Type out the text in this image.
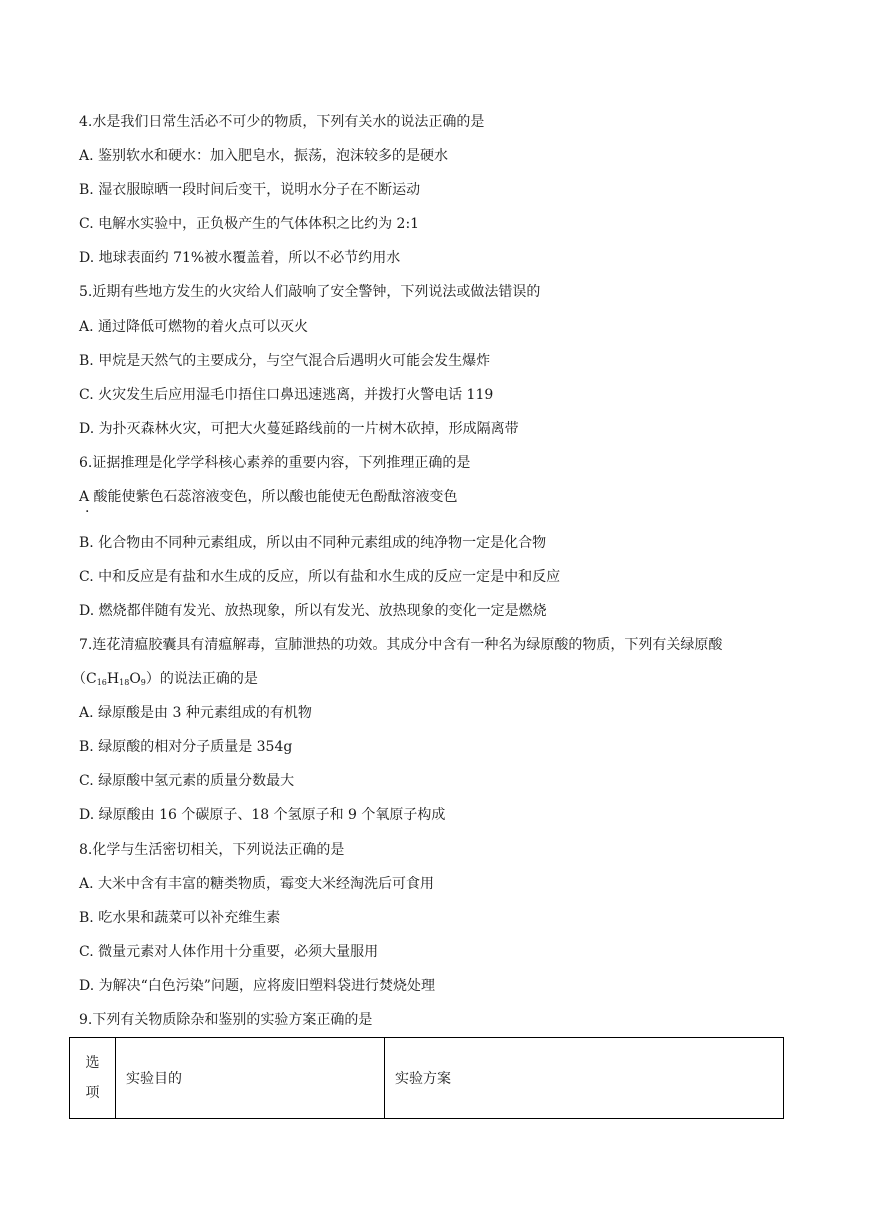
4.水是我们日常生活必不可少的物质，下列有关水的说法正确的是
A. 鉴别软水和硬水：加入肥皂水，振荡，泡沫较多的是硬水
B. 湿衣服晾晒一段时间后变干，说明水分子在不断运动
C. 电解水实验中，正负极产生的气体体积之比约为 2:1
D. 地球表面约 71%被水覆盖着，所以不必节约用水
5.近期有些地方发生的火灾给人们敲响了安全警钟，下列说法或做法错误的
A. 通过降低可燃物的着火点可以灭火
B. 甲烷是天然气的主要成分，与空气混合后遇明火可能会发生爆炸
C. 火灾发生后应用湿毛巾捂住口鼻迅速逃离，并拨打火警电话 119
D. 为扑灭森林火灾，可把大火蔓延路线前的一片树木砍掉，形成隔离带
6.证据推理是化学学科核心素养的重要内容，下列推理正确的是
A 酸能使紫色石蕊溶液变色，所以酸也能使无色酚酞溶液变色
·
B. 化合物由不同种元素组成，所以由不同种元素组成的纯净物一定是化合物
C. 中和反应是有盐和水生成的反应，所以有盐和水生成的反应一定是中和反应
D. 燃烧都伴随有发光、放热现象，所以有发光、放热现象的变化一定是燃烧
7.连花清瘟胶囊具有清瘟解毒，宣肺泄热的功效。其成分中含有一种名为绿原酸的物质，下列有关绿原酸
$(C_{16}H_{18}O_9)$的说法正确的是
A. 绿原酸是由 3 种元素组成的有机物
B. 绿原酸的相对分子质量是 354g
C. 绿原酸中氢元素的质量分数最大
D. 绿原酸由 16 个碳原子、18 个氢原子和 9 个氧原子构成
8.化学与生活密切相关，下列说法正确的是
A. 大米中含有丰富的糖类物质，霉变大米经淘洗后可食用
B. 吃水果和蔬菜可以补充维生素
C. 微量元素对人体作用十分重要，必须大量服用
D. 为解决“白色污染”问题，应将废旧塑料袋进行焚烧处理
9.下列有关物质除杂和鉴别的实验方案正确的是
选
项
	实验目的	实验方案
